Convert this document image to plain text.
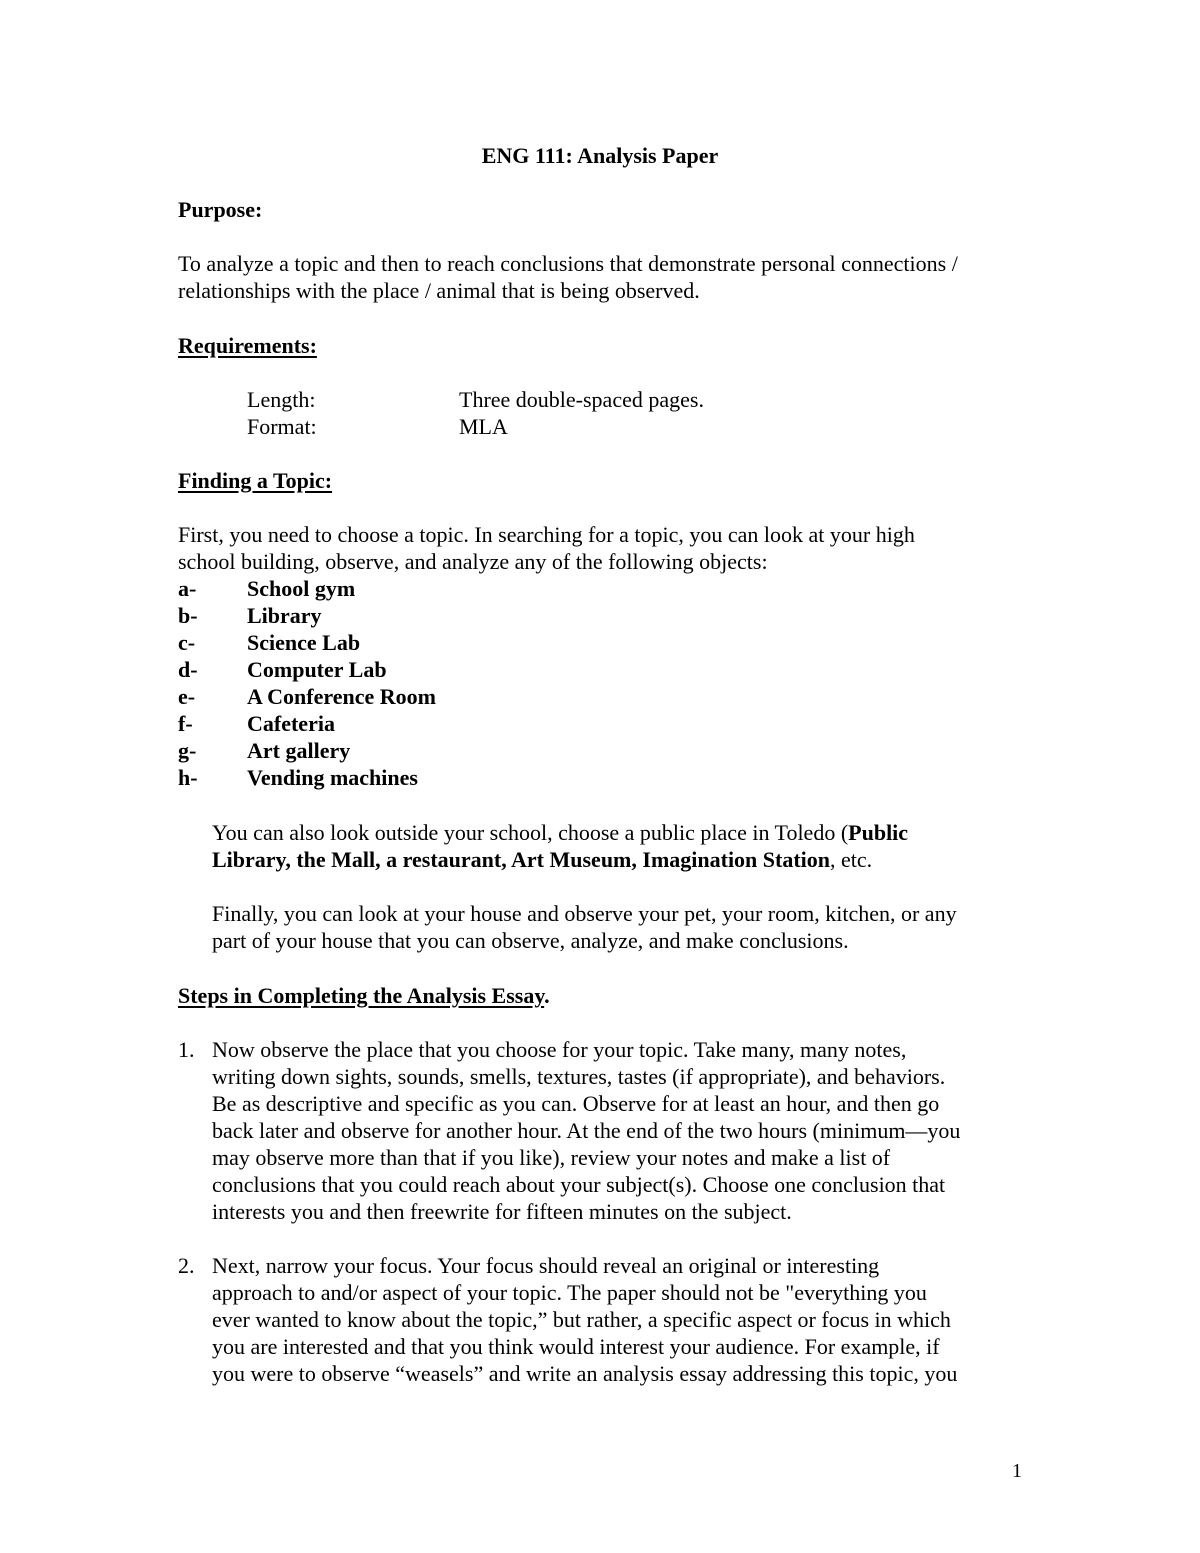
ENG 111: Analysis Paper
Purpose:
To analyze a topic and then to reach conclusions that demonstrate personal connections /
relationships with the place / animal that is being observed.
Requirements:
Length:	Three double-spaced pages.
Format:	MLA
Finding a Topic:
First, you need to choose a topic. In searching for a topic, you can look at your high
school building, observe, and analyze any of the following objects:
a- School gym
b- Library
c- Science Lab
d- Computer Lab
e- A Conference Room
f- Cafeteria
g- Art gallery
h- Vending machines
You can also look outside your school, choose a public place in Toledo (Public
Library, the Mall, a restaurant, Art Museum, Imagination Station, etc.
Finally, you can look at your house and observe your pet, your room, kitchen, or any
part of your house that you can observe, analyze, and make conclusions.
Steps in Completing the Analysis Essay.
1. Now observe the place that you choose for your topic. Take many, many notes,
writing down sights, sounds, smells, textures, tastes (if appropriate), and behaviors.
Be as descriptive and specific as you can. Observe for at least an hour, and then go
back later and observe for another hour. At the end of the two hours (minimum—you
may observe more than that if you like), review your notes and make a list of
conclusions that you could reach about your subject(s). Choose one conclusion that
interests you and then freewrite for fifteen minutes on the subject.
2. Next, narrow your focus. Your focus should reveal an original or interesting
approach to and/or aspect of your topic. The paper should not be "everything you
ever wanted to know about the topic,” but rather, a specific aspect or focus in which
you are interested and that you think would interest your audience. For example, if
you were to observe “weasels” and write an analysis essay addressing this topic, you
1
